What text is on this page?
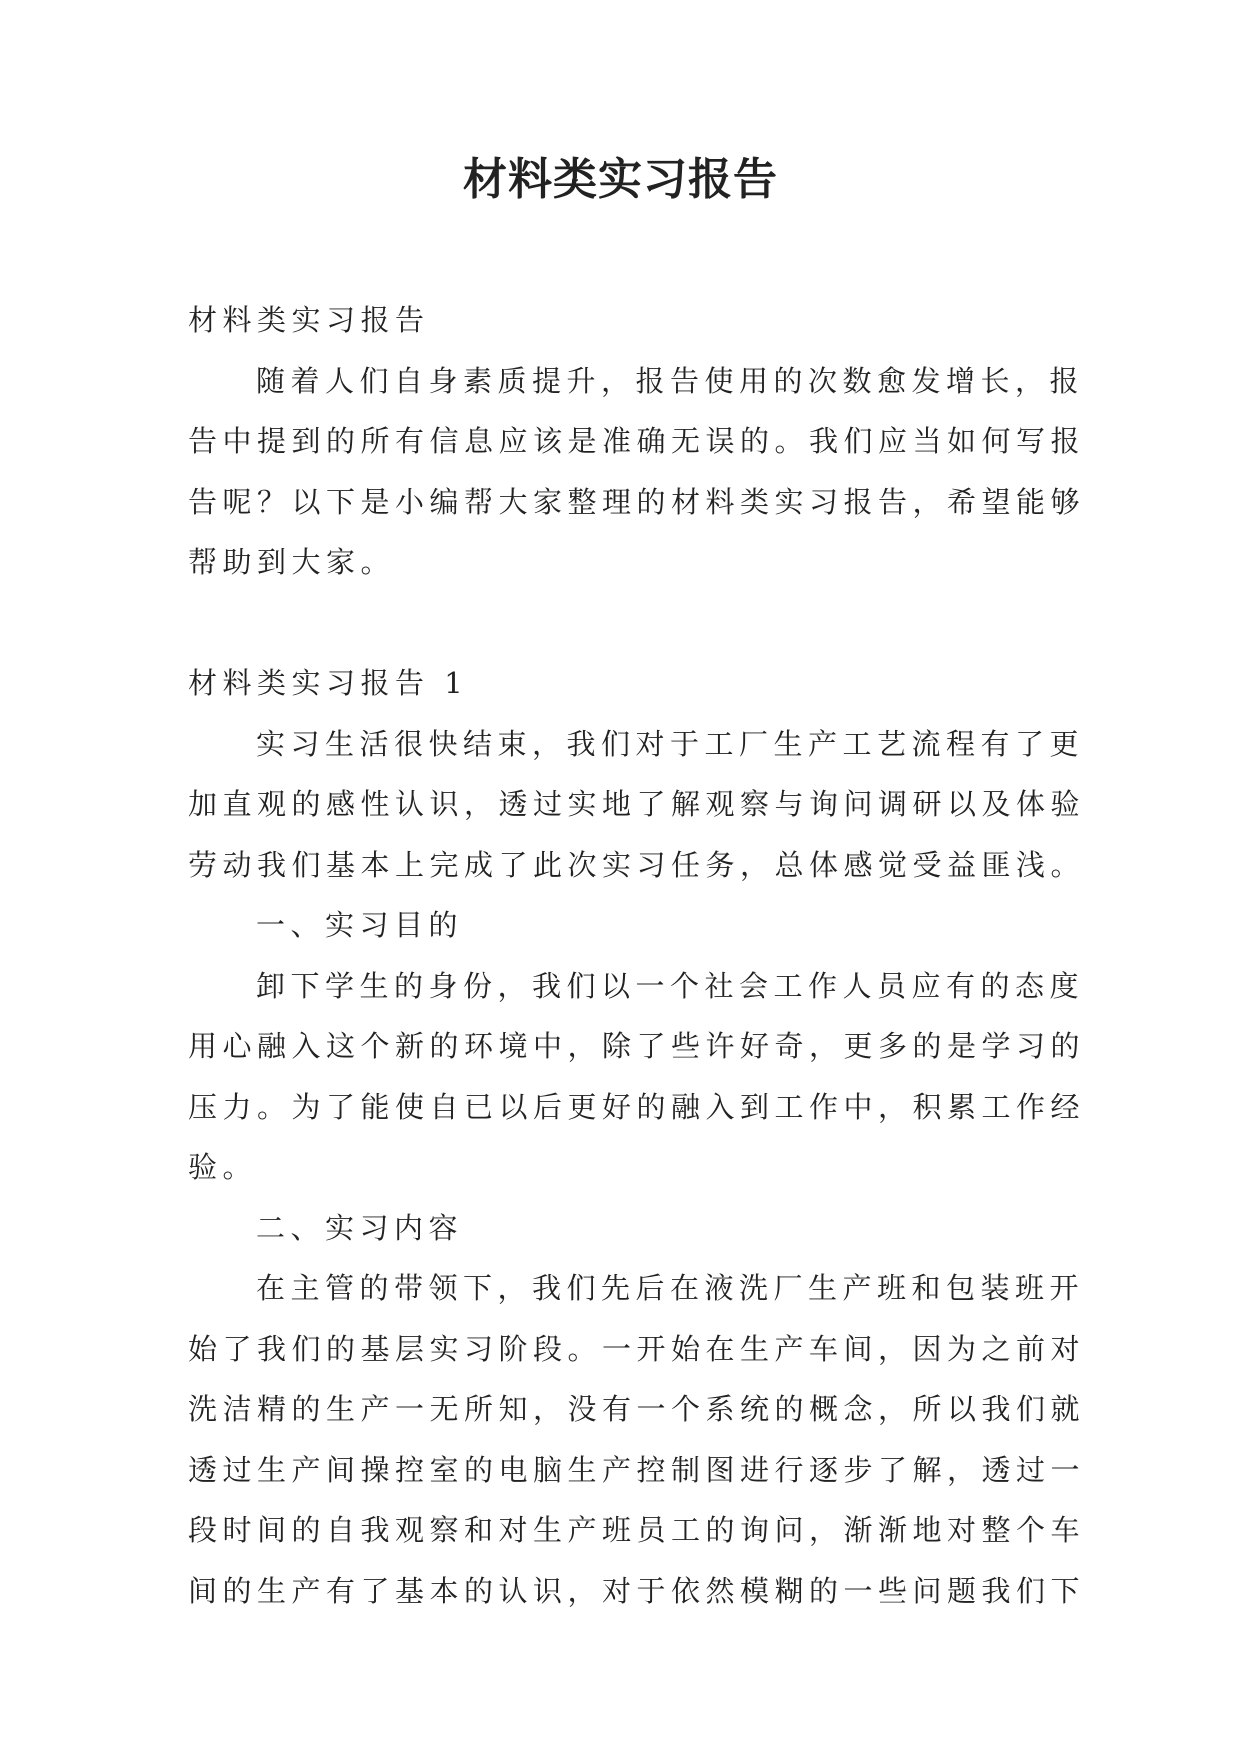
材料类实习报告
材料类实习报告
随着人们自身素质提升，报告使用的次数愈发增长，报
告中提到的所有信息应该是准确无误的。我们应当如何写报
告呢？以下是小编帮大家整理的材料类实习报告，希望能够
帮助到大家。
材料类实习报告 1
实习生活很快结束，我们对于工厂生产工艺流程有了更
加直观的感性认识，透过实地了解观察与询问调研以及体验
劳动我们基本上完成了此次实习任务，总体感觉受益匪浅。
一、实习目的
卸下学生的身份，我们以一个社会工作人员应有的态度
用心融入这个新的环境中，除了些许好奇，更多的是学习的
压力。为了能使自已以后更好的融入到工作中，积累工作经
验。
二、实习内容
在主管的带领下，我们先后在液洗厂生产班和包装班开
始了我们的基层实习阶段。一开始在生产车间，因为之前对
洗洁精的生产一无所知，没有一个系统的概念，所以我们就
透过生产间操控室的电脑生产控制图进行逐步了解，透过一
段时间的自我观察和对生产班员工的询问，渐渐地对整个车
间的生产有了基本的认识，对于依然模糊的一些问题我们下
